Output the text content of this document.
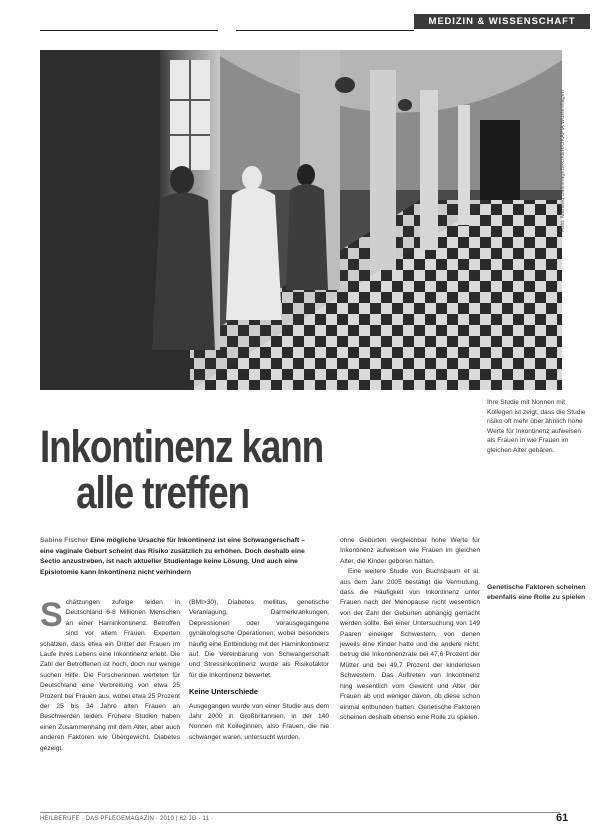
MEDIZIN & WISSENSCHAFT
Foto: Manfred Bail/imageBROKER/OKAPIA Wüstenhagen
Ihre Studie mit Nonnen mit Kollegen ist zeigt, dass die Studie risiko oft mehr über ähnlich hohe Werte für Inkontinenz aufweisen als Frauen in wie Frauen im gleichen Alter gebären.
Inkontinenz kann
alle treffen
Sabine Fischer Eine mögliche Ursache für Inkontinenz ist eine Schwangerschaft – eine vaginale Geburt scheint das Risiko zusätzlich zu erhöhen. Doch deshalb eine Sectio anzustreben, ist nach aktueller Studienlage keine Lösung. Und auch eine Episiotomie kann Inkontinenz nicht verhindern

S chätzungen zufolge leiden in Deutschland 6-8 Millionen Menschen an einer Harninkontinenz. Betroffen sind vor allem Frauen. Experten schätzen, dass etwa ein Drittel der Frauen im Laufe ihres Lebens eine Inkontinenz erlebt. Die Zahl der Betroffenen ist hoch, doch nur wenige suchen Hilfe. Die Forscherinnen werteten für Deutschland eine Verbreitung von etwa 25 Prozent bei Frauen aus, wobei etwa 25 Prozent der 25 bis 34 Jahre alten Frauen an Beschwerden leiden. Frühere Studien haben einen Zusammenhang mit dem Alter, aber auch anderen Faktoren wie Übergewicht, Diabetes gezeigt.

(BMI>30), Diabetes mellitus, genetische Veranlagung, Darmerkrankungen, Depressionen oder vorausgegangene gynäkologische Operationen, wobei besonders häufig eine Entbindung mit der Harninkontinenz auf. Die Vereinbarung von Schwangerschaft und Stressinkontinenz wurde als Risikofaktor für die Inkontinenz bewertet.

Keine Unterschiede

Ausgegangen wurde von einer Studie aus dem Jahr 2000 in Großbritannien, in der 140 Nonnen mit Kolleginnen, also Frauen, die nie schwanger waren, untersucht wurden.

ohne Geburten vergleichbar hohe Werte für Inkontinenz aufweisen wie Frauen im gleichen Alter, die Kinder geboren hatten.

Eine weitere Studie von Buchsbaum et al. aus dem Jahr 2005 bestätigt die Vermutung, dass die Häufigkeit von Inkontinenz unter Frauen nach der Menopause nicht wesentlich von der Zahl der Geburten abhängig gemacht werden sollte. Bei einer Untersuchung von 149 Paaren eineiiger Schwestern, von denen jeweils eine Kinder hatte und die andere nicht, betrug die Inkontinenzrate bei 47,6 Prozent der Mütter und bei 49,7 Prozent der kinderlosen Schwestern. Das Auftreten von Inkontinenz hing wesentlich vom Gewicht und Alter der Frauen ab und weniger davon, ob diese schon einmal entbunden hatten. Genetische Faktoren scheinen deshalb ebenso eine Rolle zu spielen.

Genetische Faktoren scheinen ebenfalls eine Rolle zu spielen
HEILBERUFE · DAS PFLEGEMAGAZIN · 2010 | 62 JG · 11 ·	61
